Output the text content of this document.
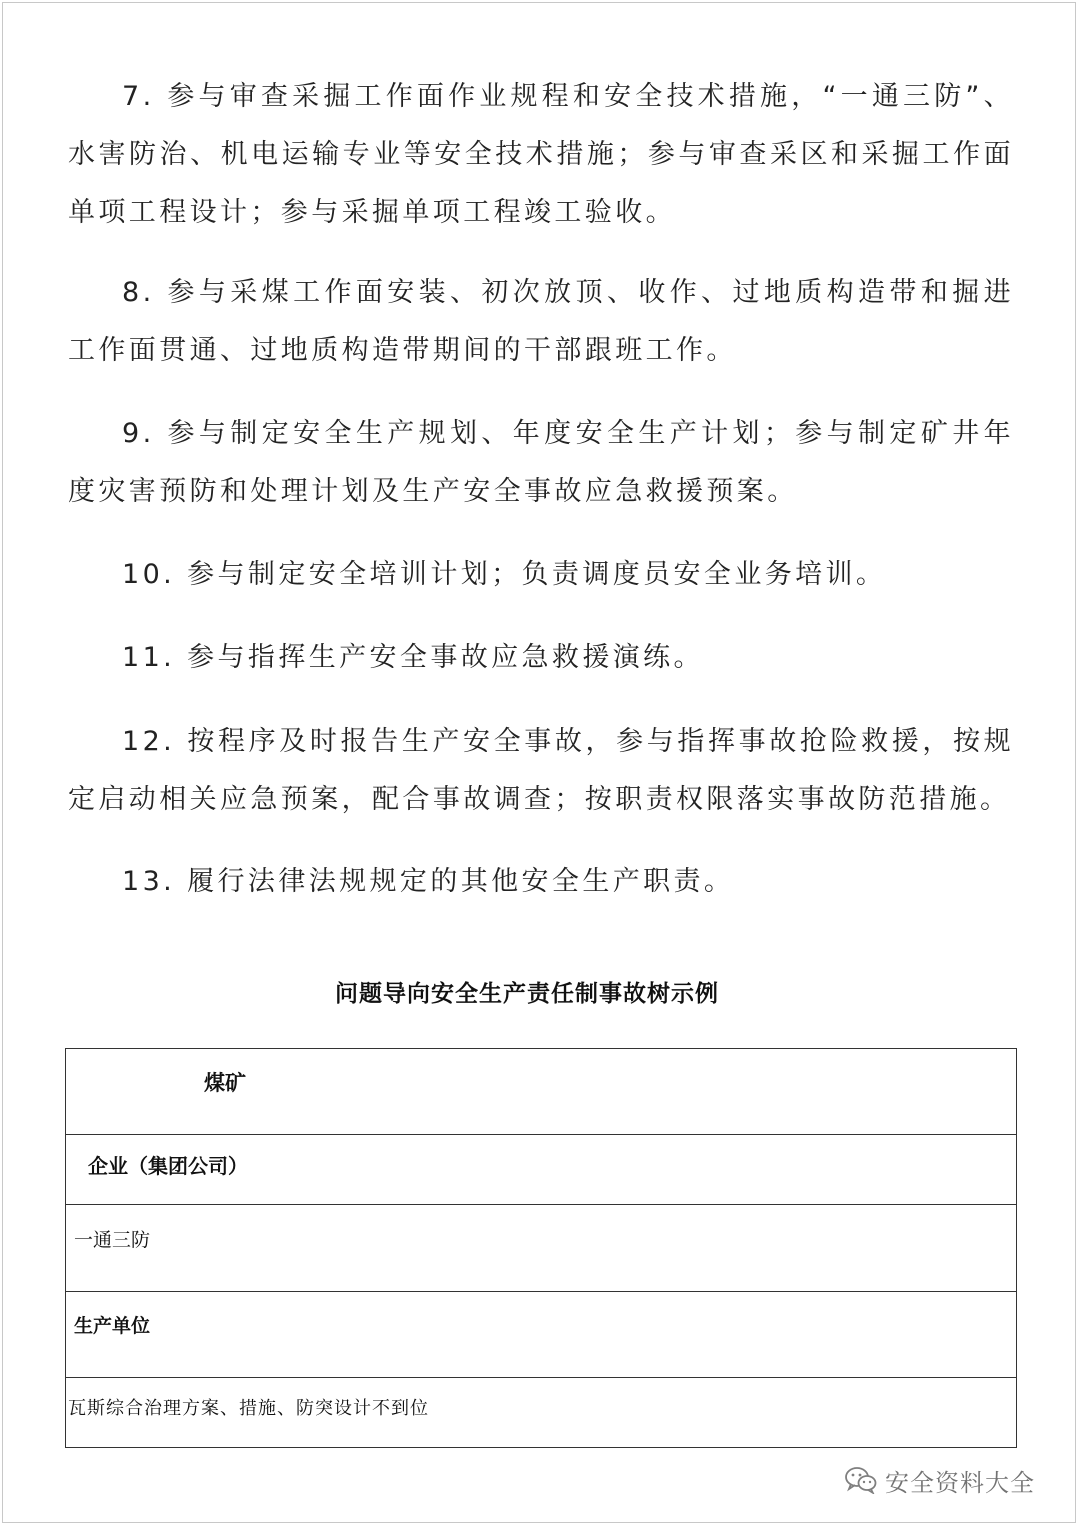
7. 参与审查采掘工作面作业规程和安全技术措施，“一通三防”、水害防治、机电运输专业等安全技术措施；参与审查采区和采掘工作面单项工程设计；参与采掘单项工程竣工验收。

8. 参与采煤工作面安装、初次放顶、收作、过地质构造带和掘进工作面贯通、过地质构造带期间的干部跟班工作。

9. 参与制定安全生产规划、年度安全生产计划；参与制定矿井年度灾害预防和处理计划及生产安全事故应急救援预案。

10. 参与制定安全培训计划；负责调度员安全业务培训。

11. 参与指挥生产安全事故应急救援演练。

12. 按程序及时报告生产安全事故，参与指挥事故抢险救援，按规定启动相关应急预案，配合事故调查；按职责权限落实事故防范措施。

13. 履行法律法规规定的其他安全生产职责。

问题导向安全生产责任制事故树示例
煤矿
企业（集团公司）
一通三防
生产单位
瓦斯综合治理方案、措施、防突设计不到位
安全资料大全
